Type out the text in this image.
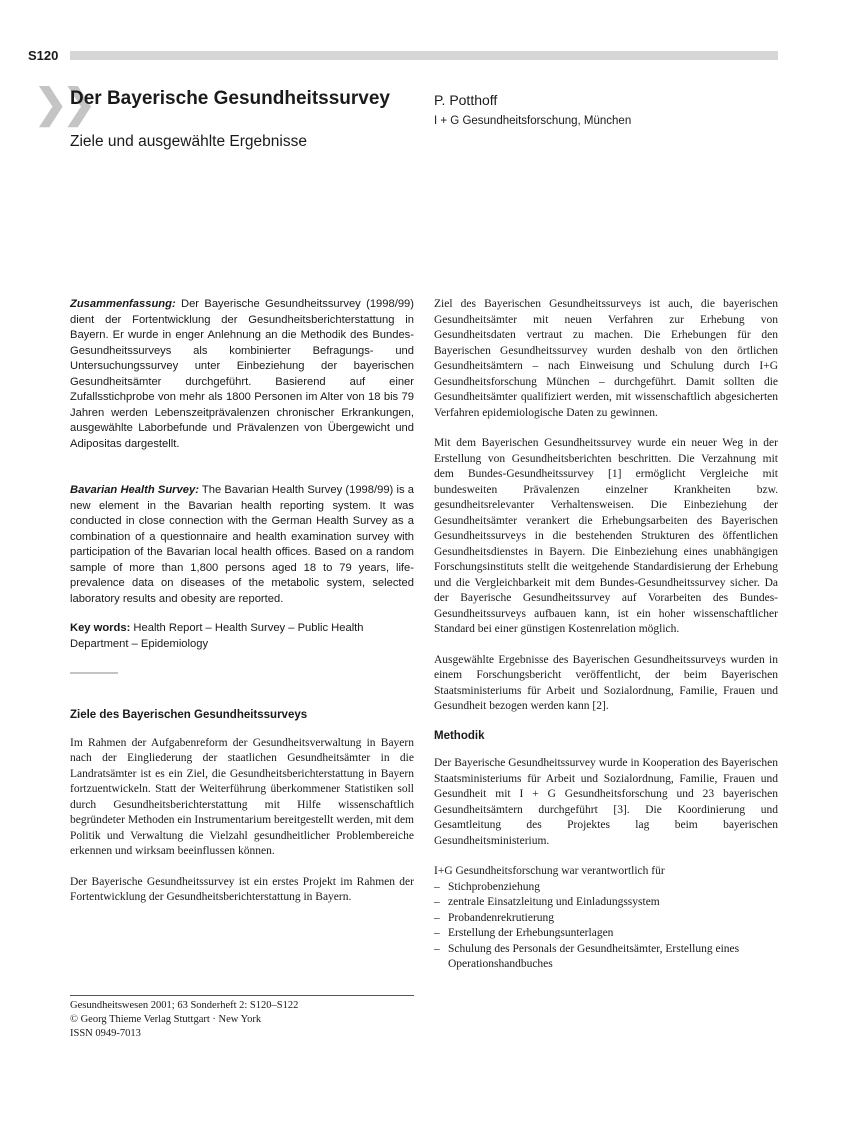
S120
❯❯
Der Bayerische Gesundheitssurvey
Ziele und ausgewählte Ergebnisse
P. Potthoff
I + G Gesundheitsforschung, München

Zusammenfassung: Der Bayerische Gesundheitssurvey (1998/99) dient der Fortentwicklung der Gesundheitsberichterstattung in Bayern. Er wurde in enger Anlehnung an die Methodik des Bundes-Gesundheitssurveys als kombinierter Befragungs- und Untersuchungssurvey unter Einbeziehung der bayerischen Gesundheitsämter durchgeführt. Basierend auf einer Zufallsstichprobe von mehr als 1800 Personen im Alter von 18 bis 79 Jahren werden Lebenszeitprävalenzen chronischer Erkrankungen, ausgewählte Laborbefunde und Prävalenzen von Übergewicht und Adipositas dargestellt.

Bavarian Health Survey: The Bavarian Health Survey (1998/99) is a new element in the Bavarian health reporting system. It was conducted in close connection with the German Health Survey as a combination of a questionnaire and health examination survey with participation of the Bavarian local health offices. Based on a random sample of more than 1,800 persons aged 18 to 79 years, life-prevalence data on diseases of the metabolic system, selected laboratory results and obesity are reported.

Key words: Health Report – Health Survey – Public Health Department – Epidemiology

Ziele des Bayerischen Gesundheitssurveys

Im Rahmen der Aufgabenreform der Gesundheitsverwaltung in Bayern nach der Eingliederung der staatlichen Gesundheitsämter in die Landratsämter ist es ein Ziel, die Gesundheitsberichterstattung in Bayern fortzuentwickeln. Statt der Weiterführung überkommener Statistiken soll durch Gesundheitsberichterstattung mit Hilfe wissenschaftlich begründeter Methoden ein Instrumentarium bereitgestellt werden, mit dem Politik und Verwaltung die Vielzahl gesundheitlicher Problembereiche erkennen und wirksam beeinflussen können.

Der Bayerische Gesundheitssurvey ist ein erstes Projekt im Rahmen der Fortentwicklung der Gesundheitsberichterstattung in Bayern.

Ziel des Bayerischen Gesundheitssurveys ist auch, die bayerischen Gesundheitsämter mit neuen Verfahren zur Erhebung von Gesundheitsdaten vertraut zu machen. Die Erhebungen für den Bayerischen Gesundheitssurvey wurden deshalb von den örtlichen Gesundheitsämtern – nach Einweisung und Schulung durch I+G Gesundheitsforschung München – durchgeführt. Damit sollten die Gesundheitsämter qualifiziert werden, mit wissenschaftlich abgesicherten Verfahren epidemiologische Daten zu gewinnen.

Mit dem Bayerischen Gesundheitssurvey wurde ein neuer Weg in der Erstellung von Gesundheitsberichten beschritten. Die Verzahnung mit dem Bundes-Gesundheitssurvey [1] ermöglicht Vergleiche mit bundesweiten Prävalenzen einzelner Krankheiten bzw. gesundheitsrelevanter Verhaltensweisen. Die Einbeziehung der Gesundheitsämter verankert die Erhebungsarbeiten des Bayerischen Gesundheitssurveys in die bestehenden Strukturen des öffentlichen Gesundheitsdienstes in Bayern. Die Einbeziehung eines unabhängigen Forschungsinstituts stellt die weitgehende Standardisierung der Erhebung und die Vergleichbarkeit mit dem Bundes-Gesundheitssurvey sicher. Da der Bayerische Gesundheitssurvey auf Vorarbeiten des Bundes-Gesundheitssurveys aufbauen kann, ist ein hoher wissenschaftlicher Standard bei einer günstigen Kostenrelation möglich.

Ausgewählte Ergebnisse des Bayerischen Gesundheitssurveys wurden in einem Forschungsbericht veröffentlicht, der beim Bayerischen Staatsministeriums für Arbeit und Sozialordnung, Familie, Frauen und Gesundheit bezogen werden kann [2].

Methodik

Der Bayerische Gesundheitssurvey wurde in Kooperation des Bayerischen Staatsministeriums für Arbeit und Sozialordnung, Familie, Frauen und Gesundheit mit I + G Gesundheitsforschung und 23 bayerischen Gesundheitsämtern durchgeführt [3]. Die Koordinierung und Gesamtleitung des Projektes lag beim bayerischen Gesundheitsministerium.

I+G Gesundheitsforschung war verantwortlich für

– Stichprobenziehung
– zentrale Einsatzleitung und Einladungssystem
– Probandenrekrutierung
– Erstellung der Erhebungsunterlagen
– Schulung des Personals der Gesundheitsämter, Erstellung eines Operationshandbuches
Gesundheitswesen 2001; 63 Sonderheft 2: S120–S122
© Georg Thieme Verlag Stuttgart · New York
ISSN 0949-7013
